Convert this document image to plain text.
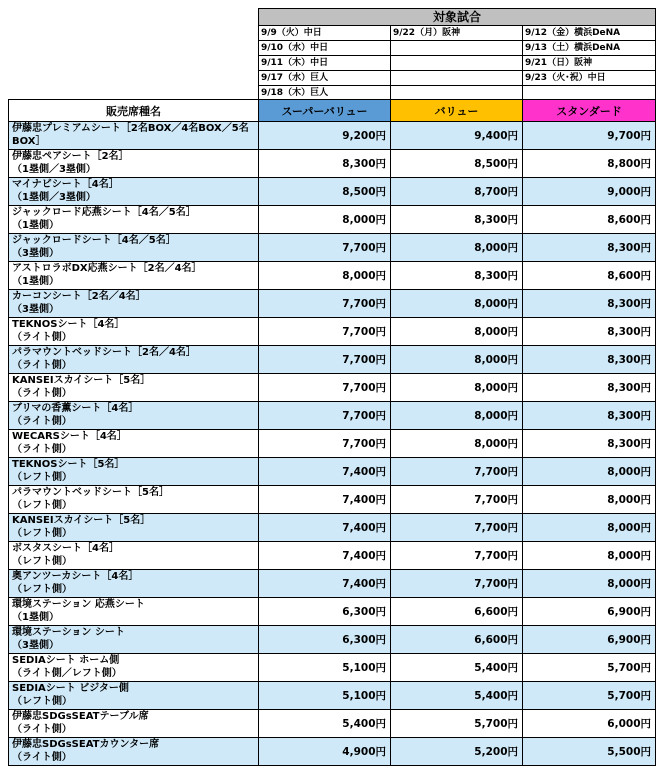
対象試合		
9/9（火）中日	9/22（月）阪神	9/12（金）横浜DeNA
9/10（水）中日		9/13（土）横浜DeNA
9/11（木）中日		9/21（日）阪神
9/17（水）巨人		9/23（火･祝）中日
9/18（木）巨人		
販売席種名	スーパーバリュー	バリュー	スタンダード

伊藤忠プレミアムシート［2名BOX／4名BOX／5名
BOX］	9,200円	9,400円	9,700円

伊藤忠ペアシート［2名］
（1塁側／3塁側）	8,300円	8,500円	8,800円

マイナビシート［4名］
（1塁側／3塁側）	8,500円	8,700円	9,000円

ジャックロード応燕シート［4名／5名］
（1塁側）	8,000円	8,300円	8,600円

ジャックロードシート［4名／5名］
（3塁側）	7,700円	8,000円	8,300円

アストロラボDX応燕シート［2名／4名］
（1塁側）	8,000円	8,300円	8,600円

カーコンシート［2名／4名］
（3塁側）	7,700円	8,000円	8,300円

TEKNOSシート［4名］
（ライト側）	7,700円	8,000円	8,300円

パラマウントベッドシート［2名／4名］
（ライト側）	7,700円	8,000円	8,300円

KANSEIスカイシート［5名］
（ライト側）	7,700円	8,000円	8,300円

ブリマの香薫シート［4名］
（ライト側）	7,700円	8,000円	8,300円

WECARSシート［4名］
（ライト側）	7,700円	8,000円	8,300円

TEKNOSシート［5名］
（レフト側）	7,400円	7,700円	8,000円

パラマウントベッドシート［5名］
（レフト側）	7,400円	7,700円	8,000円

KANSEIスカイシート［5名］
（レフト側）	7,400円	7,700円	8,000円

ボスタスシート［4名］
（レフト側）	7,400円	7,700円	8,000円

奥アンツーカシート［4名］
（レフト側）	7,400円	7,700円	8,000円

環境ステーション 応燕シート
（1塁側）	6,300円	6,600円	6,900円

環境ステーション シート
（3塁側）	6,300円	6,600円	6,900円

SEDIAシート ホーム側
（ライト側／レフト側）	5,100円	5,400円	5,700円

SEDIAシート ビジター側
（レフト側）	5,100円	5,400円	5,700円

伊藤忠SDGsSEATテーブル席
（ライト側）	5,400円	5,700円	6,000円

伊藤忠SDGsSEATカウンター席
（ライト側）	4,900円	5,200円	5,500円
